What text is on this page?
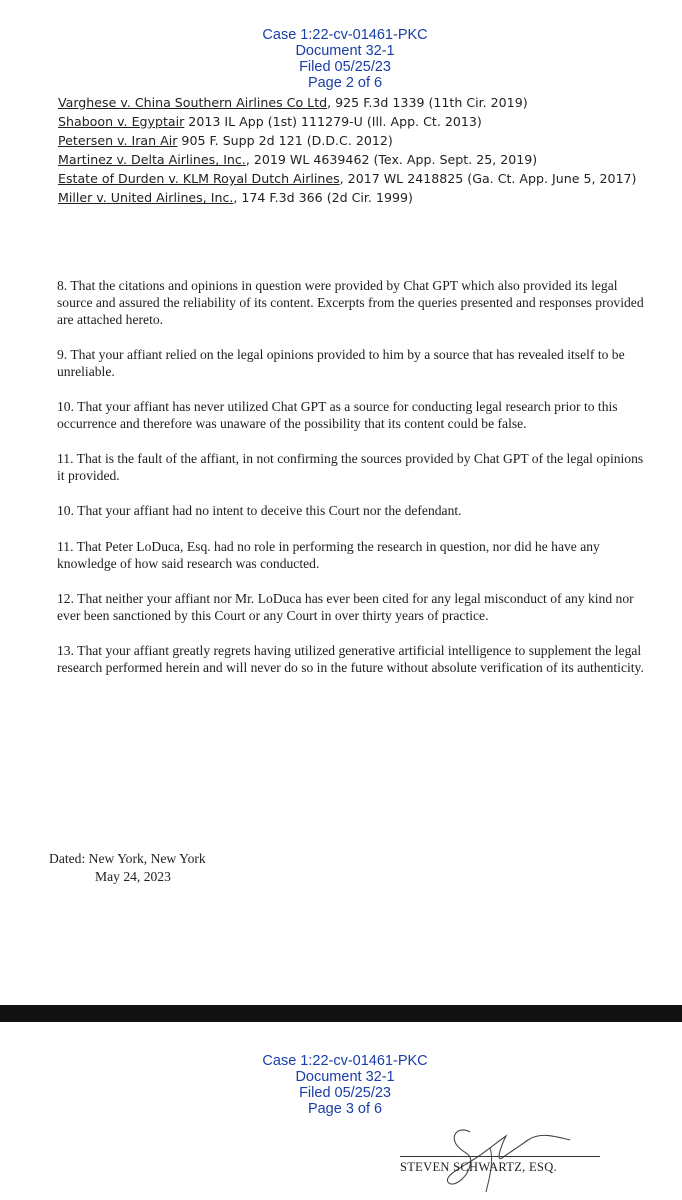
Case 1:22-cv-01461-PKC
Document 32-1
Filed 05/25/23
Page 2 of 6

Varghese v. China Southern Airlines Co Ltd, 925 F.3d 1339 (11th Cir. 2019)
Shaboon v. Egyptair 2013 IL App (1st) 111279-U (Ill. App. Ct. 2013)
Petersen v. Iran Air 905 F. Supp 2d 121 (D.D.C. 2012)
Martinez v. Delta Airlines, Inc., 2019 WL 4639462 (Tex. App. Sept. 25, 2019)
Estate of Durden v. KLM Royal Dutch Airlines, 2017 WL 2418825 (Ga. Ct. App. June 5, 2017)
Miller v. United Airlines, Inc., 174 F.3d 366 (2d Cir. 1999)

8. That the citations and opinions in question were provided by Chat GPT which also provided its legal source and assured the reliability of its content. Excerpts from the queries presented and responses provided are attached hereto.

9. That your affiant relied on the legal opinions provided to him by a source that has revealed itself to be unreliable.

10. That your affiant has never utilized Chat GPT as a source for conducting legal research prior to this occurrence and therefore was unaware of the possibility that its content could be false.

11. That is the fault of the affiant, in not confirming the sources provided by Chat GPT of the legal opinions it provided.

10. That your affiant had no intent to deceive this Court nor the defendant.

11. That Peter LoDuca, Esq. had no role in performing the research in question, nor did he have any knowledge of how said research was conducted.

12. That neither your affiant nor Mr. LoDuca has ever been cited for any legal misconduct of any kind nor ever been sanctioned by this Court or any Court in over thirty years of practice.

13. That your affiant greatly regrets having utilized generative artificial intelligence to supplement the legal research performed herein and will never do so in the future without absolute verification of its authenticity.

Dated: New York, New York
May 24, 2023

Case 1:22-cv-01461-PKC
Document 32-1
Filed 05/25/23
Page 3 of 6

STEVEN SCHWARTZ, ESQ.
